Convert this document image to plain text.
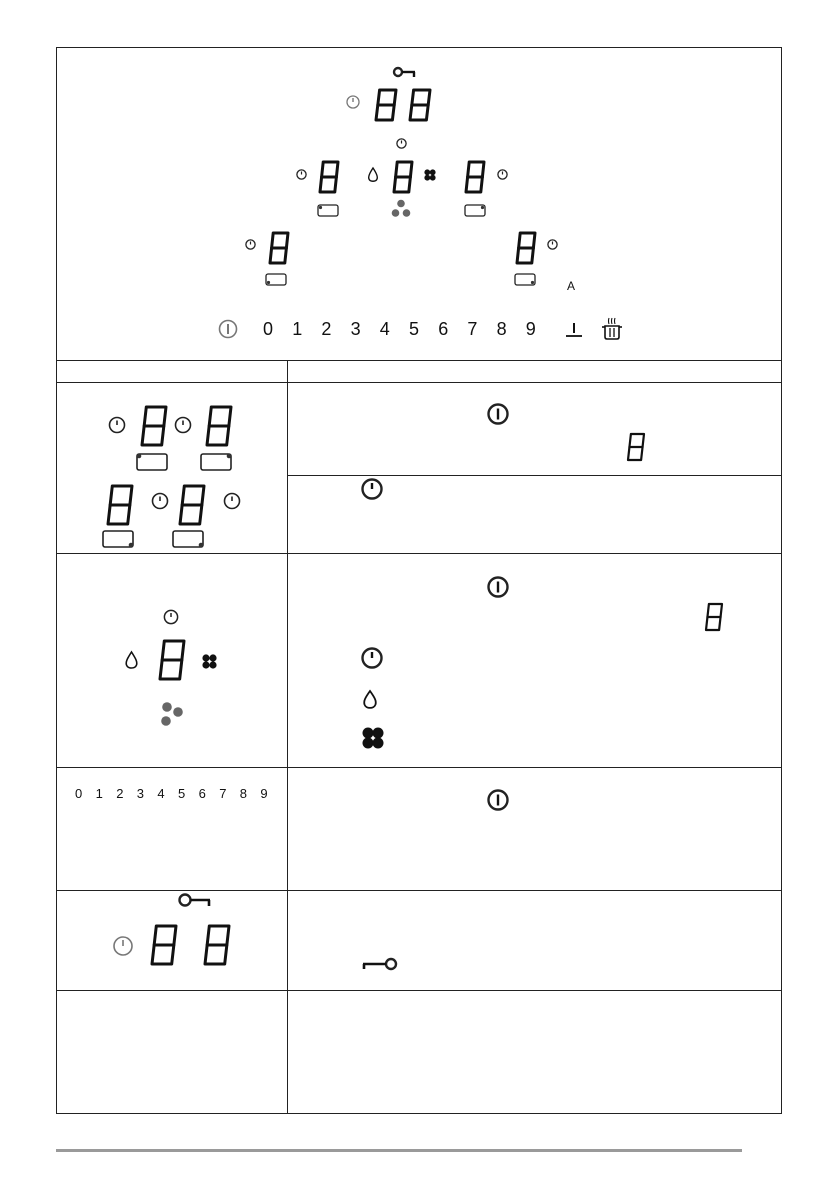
A
0 1 2 3 4 5 6 7 8 9
0 1 2 3 4 5 6 7 8 9
